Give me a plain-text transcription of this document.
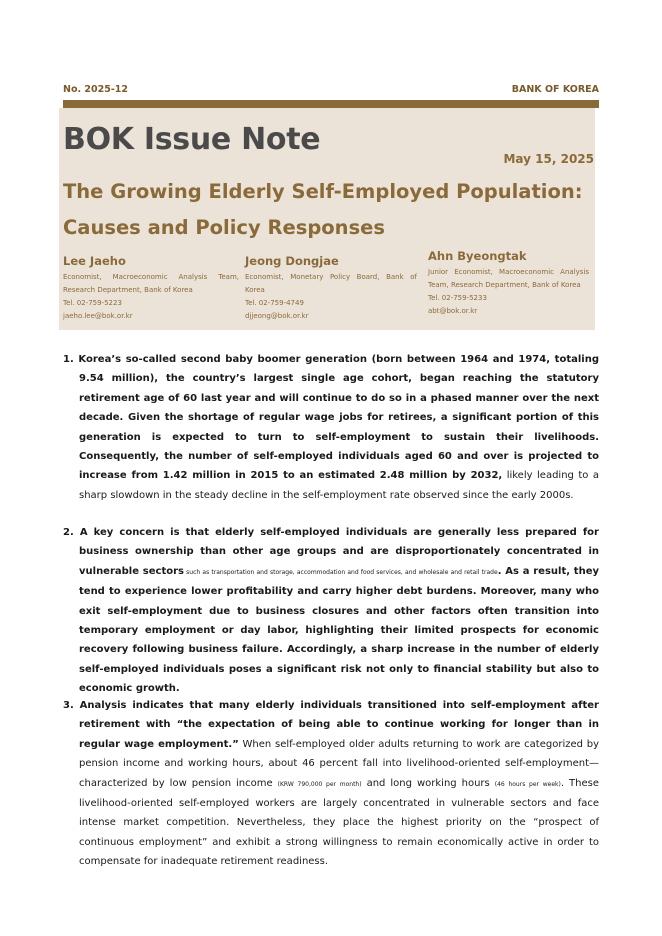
No. 2025-12	BANK OF KOREA
BOK Issue Note
May 15, 2025
The Growing Elderly Self-Employed Population: Causes and Policy Responses
Lee Jaeho
Economist, Macroeconomic Analysis Team, Research Department, Bank of Korea
Tel. 02-759-5223
jaeho.lee@bok.or.kr
Jeong Dongjae
Economist, Monetary Policy Board, Bank of Korea
Tel. 02-759-4749
djjeong@bok.or.kr
Ahn Byeongtak
Junior Economist, Macroeconomic Analysis Team, Research Department, Bank of Korea
Tel. 02-759-5233
abt@bok.or.kr

1. Korea’s so-called second baby boomer generation (born between 1964 and 1974, totaling 9.54 million), the country’s largest single age cohort, began reaching the statutory retirement age of 60 last year and will continue to do so in a phased manner over the next decade. Given the shortage of regular wage jobs for retirees, a significant portion of this generation is expected to turn to self-employment to sustain their livelihoods. Consequently, the number of self-employed individuals aged 60 and over is projected to increase from 1.42 million in 2015 to an estimated 2.48 million by 2032, likely leading to a sharp slowdown in the steady decline in the self-employment rate observed since the early 2000s.

2. A key concern is that elderly self-employed individuals are generally less prepared for business ownership than other age groups and are disproportionately concentrated in vulnerable sectors such as transportation and storage, accommodation and food services, and wholesale and retail trade. As a result, they tend to experience lower profitability and carry higher debt burdens. Moreover, many who exit self-employment due to business closures and other factors often transition into temporary employment or day labor, highlighting their limited prospects for economic recovery following business failure. Accordingly, a sharp increase in the number of elderly self-employed individuals poses a significant risk not only to financial stability but also to economic growth.

3. Analysis indicates that many elderly individuals transitioned into self-employment after retirement with “the expectation of being able to continue working for longer than in regular wage employment.” When self-employed older adults returning to work are categorized by pension income and working hours, about 46 percent fall into livelihood-oriented self-employment—characterized by low pension income (KRW 790,000 per month) and long working hours (46 hours per week). These livelihood-oriented self-employed workers are largely concentrated in vulnerable sectors and face intense market competition. Nevertheless, they place the highest priority on the “prospect of continuous employment” and exhibit a strong willingness to remain economically active in order to compensate for inadequate retirement readiness.
